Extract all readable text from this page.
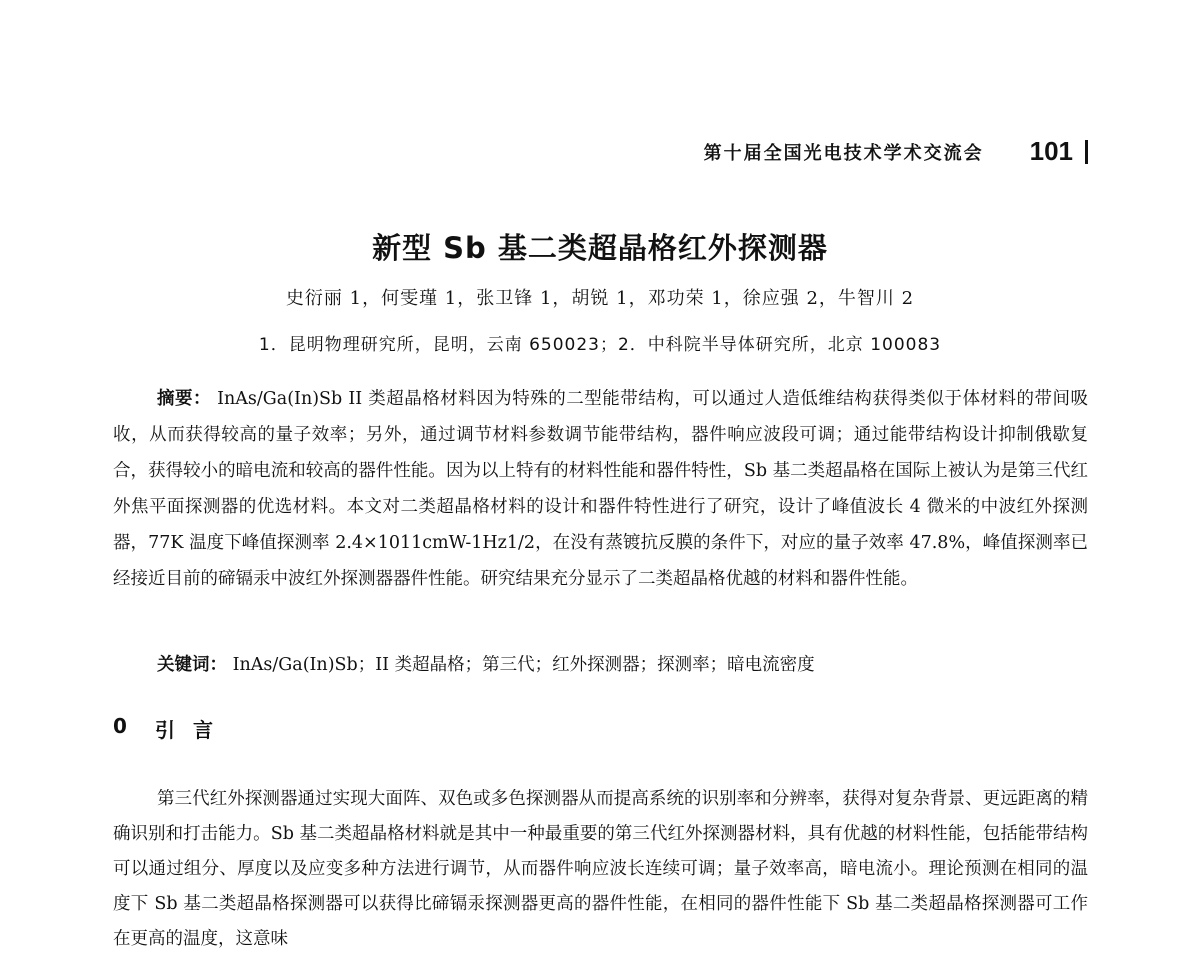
第十届全国光电技术学术交流会 101
新型 Sb 基二类超晶格红外探测器
史衍丽 1，何雯瑾 1，张卫锋 1，胡锐 1，邓功荣 1，徐应强 2，牛智川 2
1．昆明物理研究所，昆明，云南 650023；2．中科院半导体研究所，北京 100083

摘要： InAs/Ga(In)Sb II 类超晶格材料因为特殊的二型能带结构，可以通过人造低维结构获得类似于体材料的带间吸收，从而获得较高的量子效率；另外，通过调节材料参数调节能带结构，器件响应波段可调；通过能带结构设计抑制俄歇复合，获得较小的暗电流和较高的器件性能。因为以上特有的材料性能和器件特性，Sb 基二类超晶格在国际上被认为是第三代红外焦平面探测器的优选材料。本文对二类超晶格材料的设计和器件特性进行了研究，设计了峰值波长 4 微米的中波红外探测器，77K 温度下峰值探测率 2.4×1011cmW-1Hz1/2，在没有蒸镀抗反膜的条件下，对应的量子效率 47.8%，峰值探测率已经接近目前的碲镉汞中波红外探测器器件性能。研究结果充分显示了二类超晶格优越的材料和器件性能。

关键词： InAs/Ga(In)Sb；II 类超晶格；第三代；红外探测器；探测率；暗电流密度

0	引言

第三代红外探测器通过实现大面阵、双色或多色探测器从而提高系统的识别率和分辨率，获得对复杂背景、更远距离的精确识别和打击能力。Sb 基二类超晶格材料就是其中一种最重要的第三代红外探测器材料，具有优越的材料性能，包括能带结构可以通过组分、厚度以及应变多种方法进行调节，从而器件响应波长连续可调；量子效率高，暗电流小。理论预测在相同的温度下 Sb 基二类超晶格探测器可以获得比碲镉汞探测器更高的器件性能，在相同的器件性能下 Sb 基二类超晶格探测器可工作在更高的温度，这意味
